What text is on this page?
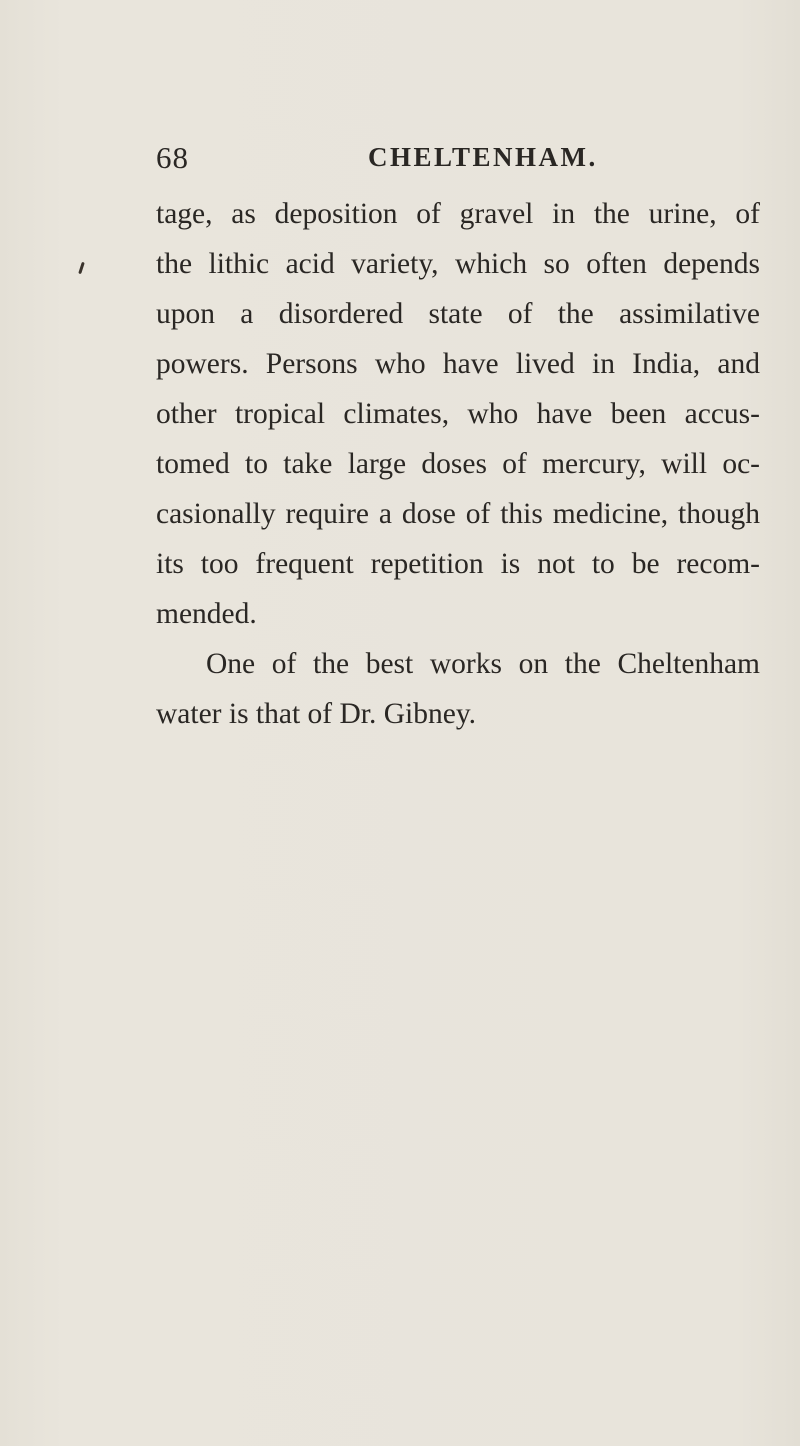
68	CHELTENHAM.
tage, as deposition of gravel in the urine, of
the lithic acid variety, which so often depends
upon a disordered state of the assimilative
powers. Persons who have lived in India, and
other tropical climates, who have been accus-
tomed to take large doses of mercury, will oc-
casionally require a dose of this medicine, though
its too frequent repetition is not to be recom-
mended.
One of the best works on the Cheltenham
water is that of Dr. Gibney.
